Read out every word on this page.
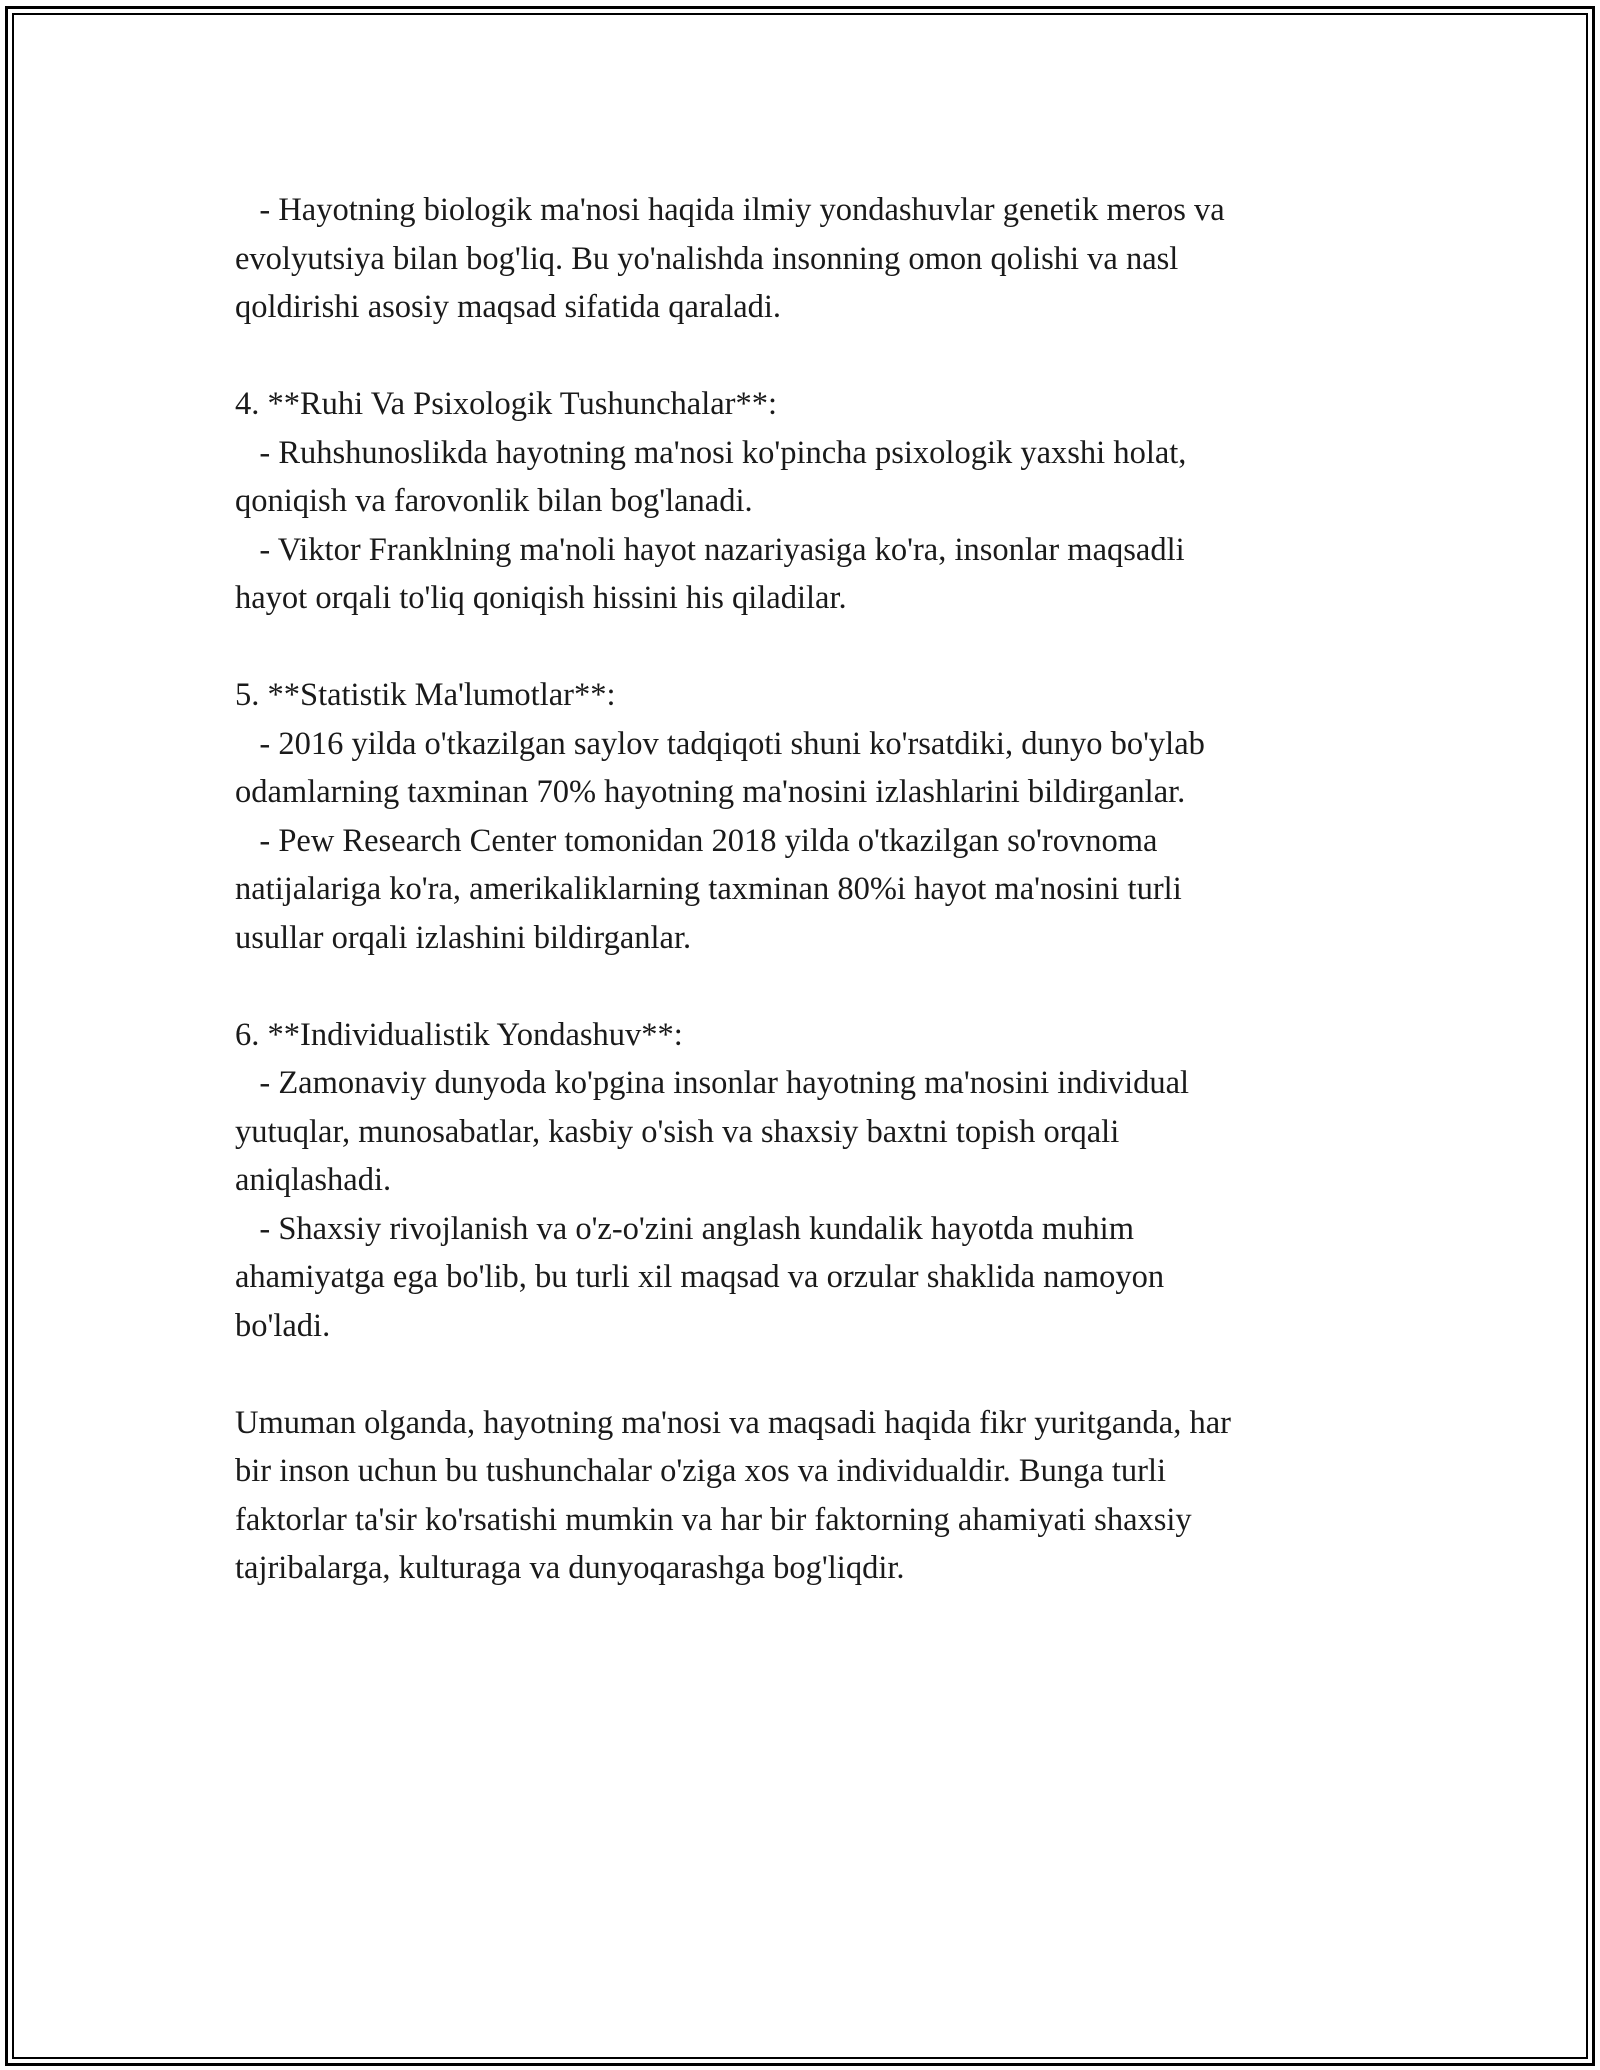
- Hayotning biologik ma'nosi haqida ilmiy yondashuvlar genetik meros va
evolyutsiya bilan bog'liq. Bu yo'nalishda insonning omon qolishi va nasl
qoldirishi asosiy maqsad sifatida qaraladi.
4. **Ruhi Va Psixologik Tushunchalar**:
- Ruhshunoslikda hayotning ma'nosi ko'pincha psixologik yaxshi holat,
qoniqish va farovonlik bilan bog'lanadi.
- Viktor Franklning ma'noli hayot nazariyasiga ko'ra, insonlar maqsadli
hayot orqali to'liq qoniqish hissini his qiladilar.
5. **Statistik Ma'lumotlar**:
- 2016 yilda o'tkazilgan saylov tadqiqoti shuni ko'rsatdiki, dunyo bo'ylab
odamlarning taxminan 70% hayotning ma'nosini izlashlarini bildirganlar.
- Pew Research Center tomonidan 2018 yilda o'tkazilgan so'rovnoma
natijalariga ko'ra, amerikaliklarning taxminan 80%i hayot ma'nosini turli
usullar orqali izlashini bildirganlar.
6. **Individualistik Yondashuv**:
- Zamonaviy dunyoda ko'pgina insonlar hayotning ma'nosini individual
yutuqlar, munosabatlar, kasbiy o'sish va shaxsiy baxtni topish orqali
aniqlashadi.
- Shaxsiy rivojlanish va o'z-o'zini anglash kundalik hayotda muhim
ahamiyatga ega bo'lib, bu turli xil maqsad va orzular shaklida namoyon
bo'ladi.
Umuman olganda, hayotning ma'nosi va maqsadi haqida fikr yuritganda, har
bir inson uchun bu tushunchalar o'ziga xos va individualdir. Bunga turli
faktorlar ta'sir ko'rsatishi mumkin va har bir faktorning ahamiyati shaxsiy
tajribalarga, kulturaga va dunyoqarashga bog'liqdir.
